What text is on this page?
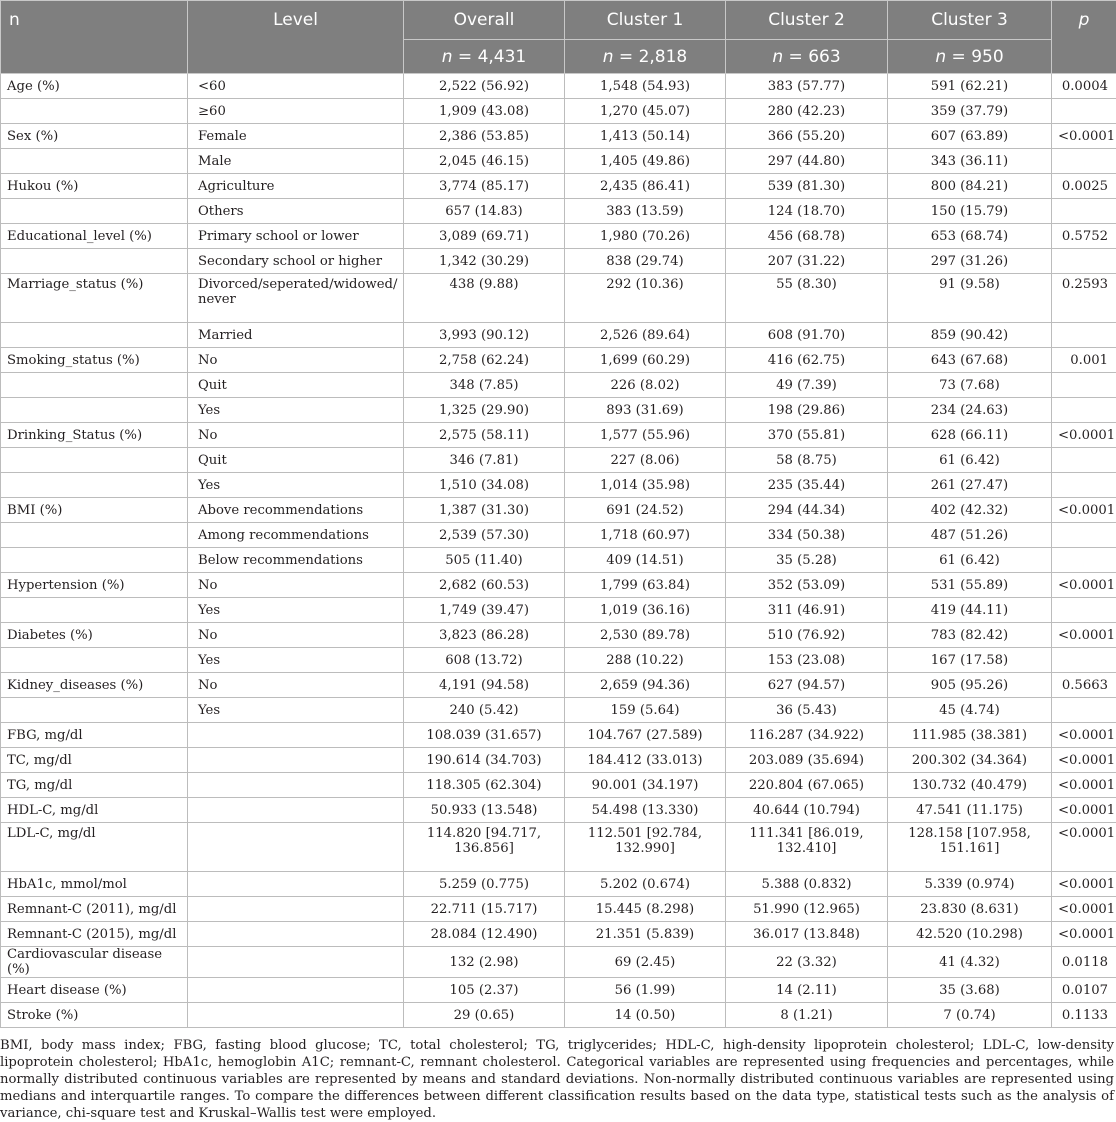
n	Level	Overall	Cluster 1	Cluster 2	Cluster 3	p
		n = 4,431	n = 2,818	n = 663	n = 950	
Age (%)	<60	2,522 (56.92)	1,548 (54.93)	383 (57.77)	591 (62.21)	0.0004
	≥60	1,909 (43.08)	1,270 (45.07)	280 (42.23)	359 (37.79)	
Sex (%)	Female	2,386 (53.85)	1,413 (50.14)	366 (55.20)	607 (63.89)	<0.0001
	Male	2,045 (46.15)	1,405 (49.86)	297 (44.80)	343 (36.11)	
Hukou (%)	Agriculture	3,774 (85.17)	2,435 (86.41)	539 (81.30)	800 (84.21)	0.0025
	Others	657 (14.83)	383 (13.59)	124 (18.70)	150 (15.79)	
Educational_level (%)	Primary school or lower	3,089 (69.71)	1,980 (70.26)	456 (68.78)	653 (68.74)	0.5752
	Secondary school or higher	1,342 (30.29)	838 (29.74)	207 (31.22)	297 (31.26)	
Marriage_status (%)	Divorced/seperated/widowed/ never	438 (9.88)	292 (10.36)	55 (8.30)	91 (9.58)	0.2593
	Married	3,993 (90.12)	2,526 (89.64)	608 (91.70)	859 (90.42)	
Smoking_status (%)	No	2,758 (62.24)	1,699 (60.29)	416 (62.75)	643 (67.68)	0.001
	Quit	348 (7.85)	226 (8.02)	49 (7.39)	73 (7.68)	
	Yes	1,325 (29.90)	893 (31.69)	198 (29.86)	234 (24.63)	
Drinking_Status (%)	No	2,575 (58.11)	1,577 (55.96)	370 (55.81)	628 (66.11)	<0.0001
	Quit	346 (7.81)	227 (8.06)	58 (8.75)	61 (6.42)	
	Yes	1,510 (34.08)	1,014 (35.98)	235 (35.44)	261 (27.47)	
BMI (%)	Above recommendations	1,387 (31.30)	691 (24.52)	294 (44.34)	402 (42.32)	<0.0001
	Among recommendations	2,539 (57.30)	1,718 (60.97)	334 (50.38)	487 (51.26)	
	Below recommendations	505 (11.40)	409 (14.51)	35 (5.28)	61 (6.42)	
Hypertension (%)	No	2,682 (60.53)	1,799 (63.84)	352 (53.09)	531 (55.89)	<0.0001
	Yes	1,749 (39.47)	1,019 (36.16)	311 (46.91)	419 (44.11)	
Diabetes (%)	No	3,823 (86.28)	2,530 (89.78)	510 (76.92)	783 (82.42)	<0.0001
	Yes	608 (13.72)	288 (10.22)	153 (23.08)	167 (17.58)	
Kidney_diseases (%)	No	4,191 (94.58)	2,659 (94.36)	627 (94.57)	905 (95.26)	0.5663
	Yes	240 (5.42)	159 (5.64)	36 (5.43)	45 (4.74)	
FBG, mg/dl		108.039 (31.657)	104.767 (27.589)	116.287 (34.922)	111.985 (38.381)	<0.0001
TC, mg/dl		190.614 (34.703)	184.412 (33.013)	203.089 (35.694)	200.302 (34.364)	<0.0001
TG, mg/dl		118.305 (62.304)	90.001 (34.197)	220.804 (67.065)	130.732 (40.479)	<0.0001
HDL-C, mg/dl		50.933 (13.548)	54.498 (13.330)	40.644 (10.794)	47.541 (11.175)	<0.0001
LDL-C, mg/dl		114.820 [94.717, 136.856]	112.501 [92.784, 132.990]	111.341 [86.019, 132.410]	128.158 [107.958, 151.161]	<0.0001
HbA1c, mmol/mol		5.259 (0.775)	5.202 (0.674)	5.388 (0.832)	5.339 (0.974)	<0.0001
Remnant-C (2011), mg/dl		22.711 (15.717)	15.445 (8.298)	51.990 (12.965)	23.830 (8.631)	<0.0001
Remnant-C (2015), mg/dl		28.084 (12.490)	21.351 (5.839)	36.017 (13.848)	42.520 (10.298)	<0.0001
Cardiovascular disease (%)		132 (2.98)	69 (2.45)	22 (3.32)	41 (4.32)	0.0118
Heart disease (%)		105 (2.37)	56 (1.99)	14 (2.11)	35 (3.68)	0.0107
Stroke (%)		29 (0.65)	14 (0.50)	8 (1.21)	7 (0.74)	0.1133
BMI, body mass index; FBG, fasting blood glucose; TC, total cholesterol; TG, triglycerides; HDL-C, high-density lipoprotein cholesterol; LDL-C, low-density lipoprotein cholesterol; HbA1c, hemoglobin A1C; remnant-C, remnant cholesterol. Categorical variables are represented using frequencies and percentages, while normally distributed continuous variables are represented by means and standard deviations. Non-normally distributed continuous variables are represented using medians and interquartile ranges. To compare the differences between different classification results based on the data type, statistical tests such as the analysis of variance, chi-square test and Kruskal–Wallis test were employed.
